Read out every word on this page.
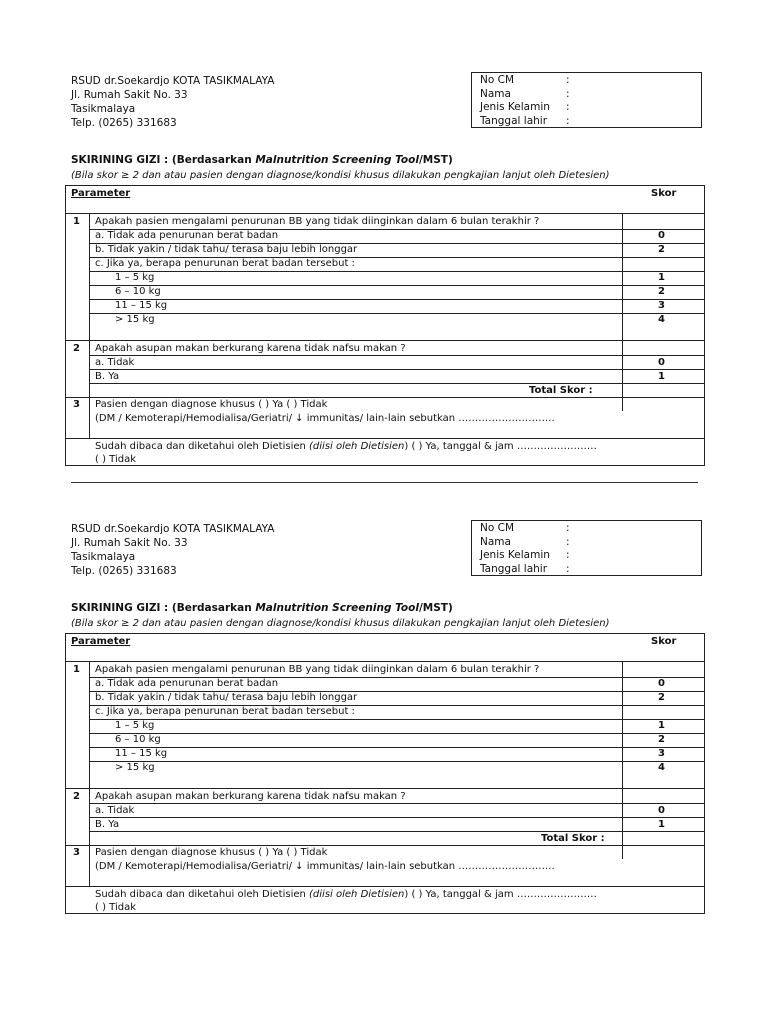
RSUD dr.Soekardjo KOTA TASIKMALAYA
Jl. Rumah Sakit No. 33
Tasikmalaya
Telp. (0265) 331683
No CM	:
Nama	:
Jenis Kelamin :
Tanggal lahir :
SKIRINING GIZI : (Berdasarkan Malnutrition Screening Tool/MST)
(Bila skor ≥ 2 dan atau pasien dengan diagnose/kondisi khusus dilakukan pengkajian lanjut oleh Dietesien)
Parameter	Skor
1 Apakah pasien mengalami penurunan BB yang tidak diinginkan dalam 6 bulan terakhir ?
a. Tidak ada penurunan berat badan	0
b. Tidak yakin / tidak tahu/ terasa baju lebih longgar	2
c. Jika ya, berapa penurunan berat badan tersebut :
1 – 5 kg	1
6 – 10 kg	2
11 – 15 kg	3
> 15 kg	4
2 Apakah asupan makan berkurang karena tidak nafsu makan ?
a. Tidak	0
B. Ya	1
Total Skor :
3 Pasien dengan diagnose khusus ( ) Ya ( ) Tidak
(DM / Kemoterapi/Hemodialisa/Geriatri/ ↓ immunitas/ lain-lain sebutkan ………………………..
Sudah dibaca dan diketahui oleh Dietisien (diisi oleh Dietisien) ( ) Ya, tanggal & jam ……………………
( ) Tidak
RSUD dr.Soekardjo KOTA TASIKMALAYA
Jl. Rumah Sakit No. 33
Tasikmalaya
Telp. (0265) 331683
No CM	:
Nama	:
Jenis Kelamin :
Tanggal lahir :
SKIRINING GIZI : (Berdasarkan Malnutrition Screening Tool/MST)
(Bila skor ≥ 2 dan atau pasien dengan diagnose/kondisi khusus dilakukan pengkajian lanjut oleh Dietesien)
Parameter	Skor
1 Apakah pasien mengalami penurunan BB yang tidak diinginkan dalam 6 bulan terakhir ?
a. Tidak ada penurunan berat badan	0
b. Tidak yakin / tidak tahu/ terasa baju lebih longgar	2
c. Jika ya, berapa penurunan berat badan tersebut :
1 – 5 kg	1
6 – 10 kg	2
11 – 15 kg	3
> 15 kg	4
2 Apakah asupan makan berkurang karena tidak nafsu makan ?
a. Tidak	0
B. Ya	1
Total Skor :
3 Pasien dengan diagnose khusus ( ) Ya ( ) Tidak
(DM / Kemoterapi/Hemodialisa/Geriatri/ ↓ immunitas/ lain-lain sebutkan ………………………..
Sudah dibaca dan diketahui oleh Dietisien (diisi oleh Dietisien) ( ) Ya, tanggal & jam ……………………
( ) Tidak
